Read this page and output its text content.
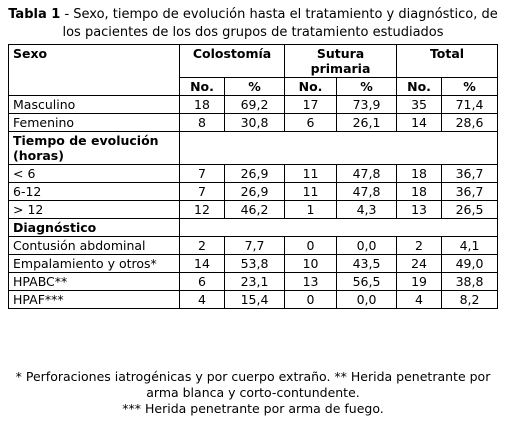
Tabla 1 - Sexo, tiempo de evolución hasta el tratamiento y diagnóstico, de los pacientes de los dos grupos de tratamiento estudiados
Sexo	Colostomía		Sutura primaria		Total	
	No.	%	No.	%	No.	%
Masculino	18	69,2	17	73,9	35	71,4
Femenino	8	30,8	6	26,1	14	28,6
Tiempo de evolución (horas)						
< 6	7	26,9	11	47,8	18	36,7
6-12	7	26,9	11	47,8	18	36,7
> 12	12	46,2	1	4,3	13	26,5
Diagnóstico						
Contusión abdominal	2	7,7	0	0,0	2	4,1
Empalamiento y otros*	14	53,8	10	43,5	24	49,0
HPABC**	6	23,1	13	56,5	19	38,8
HPAF***	4	15,4	0	0,0	4	8,2
* Perforaciones iatrogénicas y por cuerpo extraño. ** Herida penetrante por arma blanca y corto-contundente.
*** Herida penetrante por arma de fuego.
